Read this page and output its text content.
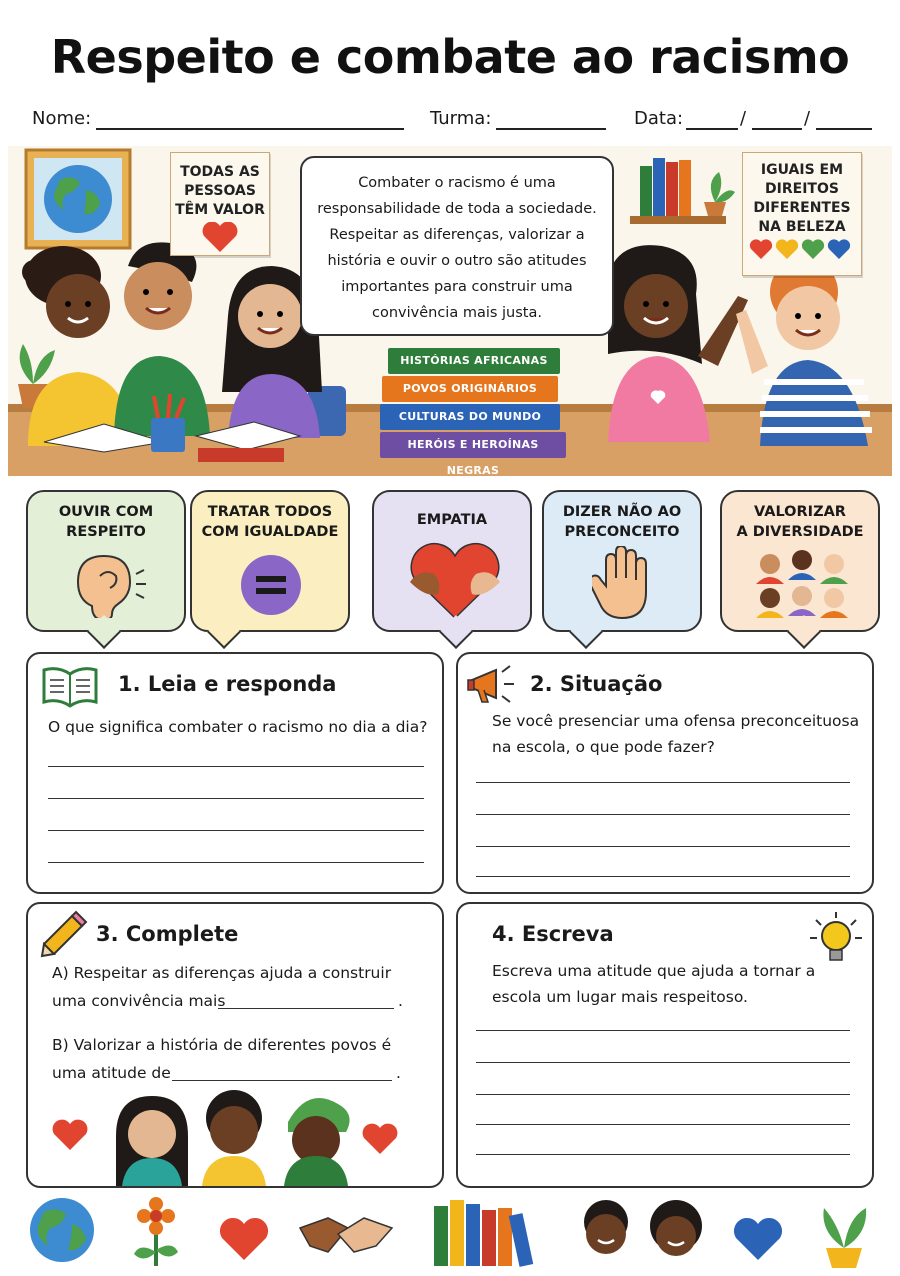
Respeito e combate ao racismo
Nome:	Turma:	Data:	/	/
TODAS AS
PESSOAS
TÊM VALOR
IGUAIS EM
DIREITOS
DIFERENTES
NA BELEZA
Combater o racismo é uma responsabilidade de toda a sociedade. Respeitar as diferenças, valorizar a história e ouvir o outro são atitudes importantes para construir uma convivência mais justa.
HISTÓRIAS AFRICANAS
POVOS ORIGINÁRIOS
CULTURAS DO MUNDO
HERÓIS E HEROÍNAS NEGRAS
OUVIR COM
RESPEITO
TRATAR TODOS
COM IGUALDADE
EMPATIA	DIZER NÃO AO
PRECONCEITO
VALORIZAR
A DIVERSIDADE
1. Leia e responda
O que significa combater o racismo no dia a dia?
2. Situação
Se você presenciar uma ofensa preconceituosa na escola, o que pode fazer?
3. Complete
A) Respeitar as diferenças ajuda a construir
uma convivência mais	.
B) Valorizar a história de diferentes povos é
uma atitude de	.
4. Escreva
Escreva uma atitude que ajuda a tornar a escola um lugar mais respeitoso.
